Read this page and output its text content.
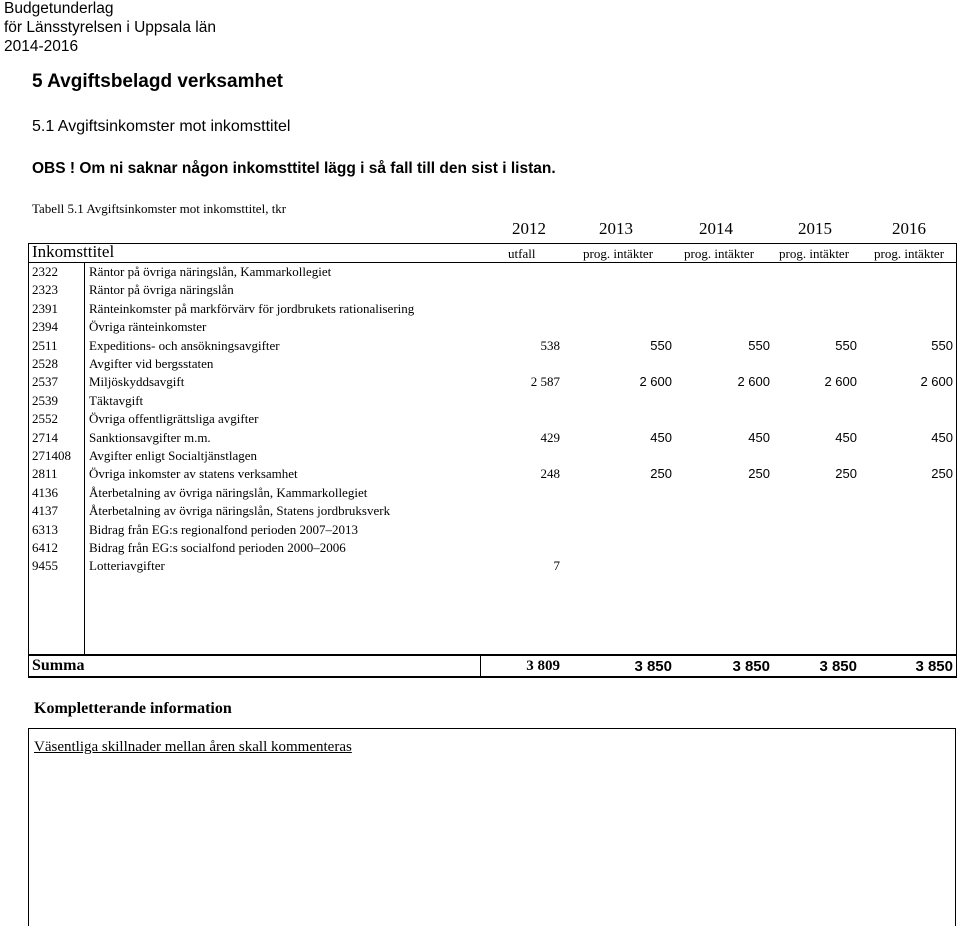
Budgetunderlag
för Länsstyrelsen i Uppsala län
2014-2016
5 Avgiftsbelagd verksamhet
5.1 Avgiftsinkomster mot inkomsttitel
OBS ! Om ni saknar någon inkomsttitel lägg i så fall till den sist i listan.
Tabell 5.1 Avgiftsinkomster mot inkomsttitel, tkr
2012	2013	2014	2015	2016
Inkomsttitel	utfall	prog. intäkter prog. intäkter prog. intäkter prog. intäkter
2322 Räntor på övriga näringslån, Kammarkollegiet
2323 Räntor på övriga näringslån
2391 Ränteinkomster på markförvärv för jordbrukets rationalisering
2394 Övriga ränteinkomster
2511 Expeditions- och ansökningsavgifter	538	550	550	550	550
2528 Avgifter vid bergsstaten
2537 Miljöskyddsavgift	2 587	2 600	2 600	2 600	2 600
2539 Täktavgift
2552 Övriga offentligrättsliga avgifter
2714 Sanktionsavgifter m.m.	429	450	450	450	450
271408 Avgifter enligt Socialtjänstlagen
2811 Övriga inkomster av statens verksamhet	248	250	250	250	250
4136 Återbetalning av övriga näringslån, Kammarkollegiet
4137 Återbetalning av övriga näringslån, Statens jordbruksverk
6313 Bidrag från EG:s regionalfond perioden 2007–2013
6412 Bidrag från EG:s socialfond perioden 2000–2006
9455 Lotteriavgifter	7
Summa	3 809	3 850	3 850	3 850	3 850
Kompletterande information
Väsentliga skillnader mellan åren skall kommenteras
